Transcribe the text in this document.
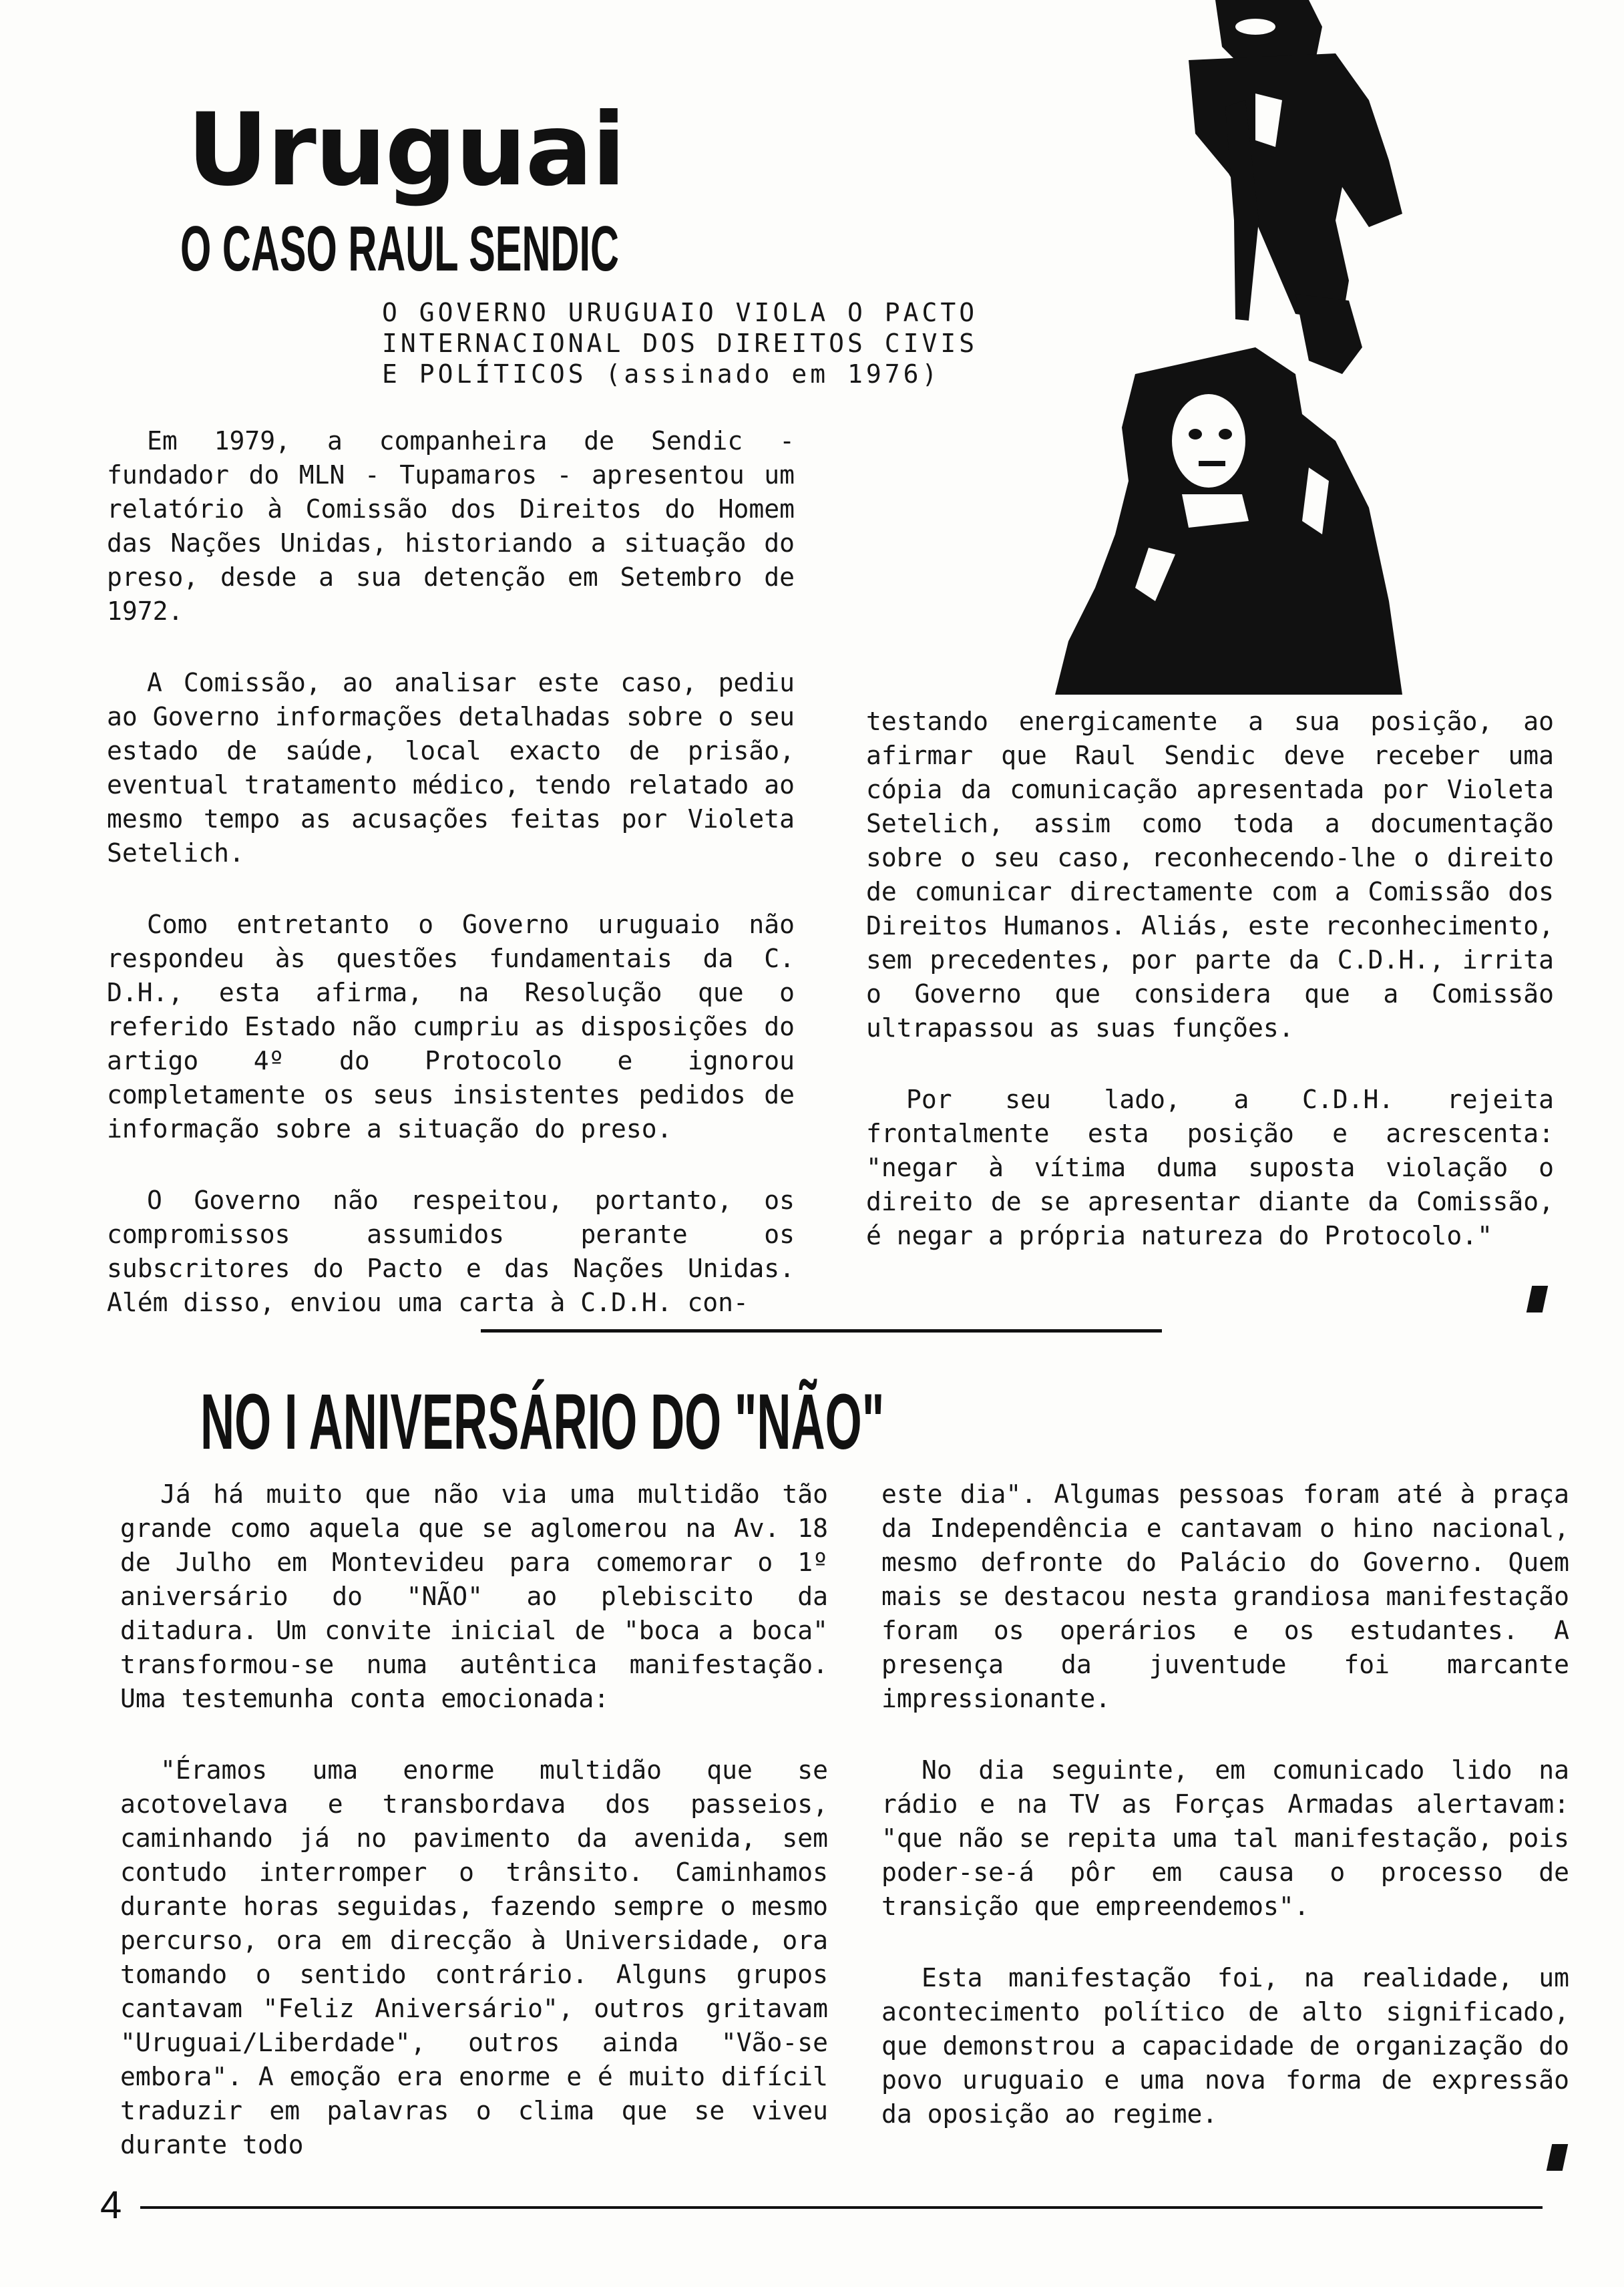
Uruguai
O CASO RAUL SENDIC
O GOVERNO URUGUAIO VIOLA O PACTO
INTERNACIONAL DOS DIREITOS CIVIS
E POLÍTICOS (assinado em 1976)

Em 1979, a companheira de Sendic - fundador do MLN - Tupamaros - apresentou um relatório à Comissão dos Direitos do Homem das Nações Unidas, historiando a situação do preso, desde a sua detenção em Setembro de 1972.

A Comissão, ao analisar este caso, pediu ao Governo informações detalhadas sobre o seu estado de saúde, local exacto de prisão, eventual tratamento médico, tendo relatado ao mesmo tempo as acusações feitas por Violeta Setelich.

Como entretanto o Governo uruguaio não respondeu às questões fundamentais da C. D.H., esta afirma, na Resolução que o referido Estado não cumpriu as disposições do artigo 4º do Protocolo e ignorou completamente os seus insistentes pedidos de informação sobre a situação do preso.

O Governo não respeitou, portanto, os compromissos assumidos perante os subscritores do Pacto e das Nações Unidas. Além disso, enviou uma carta à C.D.H. con-

testando energicamente a sua posição, ao afirmar que Raul Sendic deve receber uma cópia da comunicação apresentada por Violeta Setelich, assim como toda a documentação sobre o seu caso, reconhecendo-lhe o direito de comunicar directamente com a Comissão dos Direitos Humanos. Aliás, este reconhecimento, sem precedentes, por parte da C.D.H., irrita o Governo que considera que a Comissão ultrapassou as suas funções.

Por seu lado, a C.D.H. rejeita frontalmente esta posição e acrescenta: "negar à vítima duma suposta violação o direito de se apresentar diante da Comissão, é negar a própria natureza do Protocolo."

NO I ANIVERSÁRIO DO "NÃO"

Já há muito que não via uma multidão tão grande como aquela que se aglomerou na Av. 18 de Julho em Montevideu para comemorar o 1º aniversário do "NÃO" ao plebiscito da ditadura. Um convite inicial de "boca a boca" transformou-se numa autêntica manifestação. Uma testemunha conta emocionada:

"Éramos uma enorme multidão que se acotovelava e transbordava dos passeios, caminhando já no pavimento da avenida, sem contudo interromper o trânsito. Caminhamos durante horas seguidas, fazendo sempre o mesmo percurso, ora em direcção à Universidade, ora tomando o sentido contrário. Alguns grupos cantavam "Feliz Aniversário", outros gritavam "Uruguai/Liberdade", outros ainda "Vão-se embora". A emoção era enorme e é muito difícil traduzir em palavras o clima que se viveu durante todo

este dia". Algumas pessoas foram até à praça da Independência e cantavam o hino nacional, mesmo defronte do Palácio do Governo. Quem mais se destacou nesta grandiosa manifestação foram os operários e os estudantes. A presença da juventude foi marcante impressionante.

No dia seguinte, em comunicado lido na rádio e na TV as Forças Armadas alertavam: "que não se repita uma tal manifestação, pois poder-se-á pôr em causa o processo de transição que empreendemos".

Esta manifestação foi, na realidade, um acontecimento político de alto significado, que demonstrou a capacidade de organização do povo uruguaio e uma nova forma de expressão da oposição ao regime.

4
